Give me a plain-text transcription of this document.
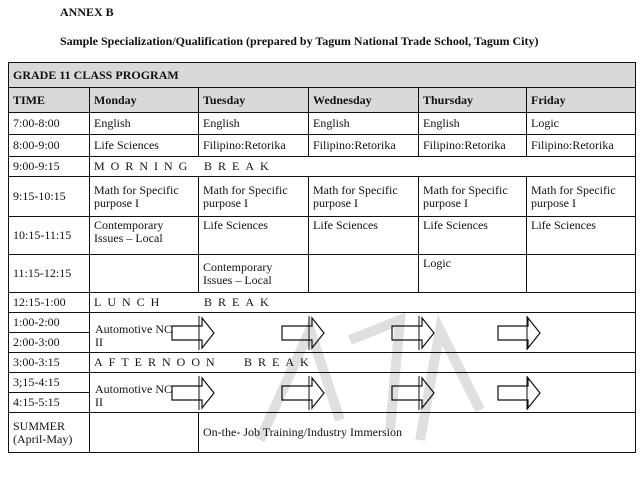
ANNEX B
Sample Specialization/Qualification (prepared by Tagum National Trade School, Tagum City)
GRADE 11 CLASS PROGRAM					
TIME	Monday	Tuesday	Wednesday	Thursday	Friday
7:00-8:00	English	English	English	English	Logic
8:00-9:00	Life Sciences	Filipino:Retorika	Filipino:Retorika	Filipino:Retorika	Filipino:Retorika
9:00-9:15	MORNING BREAK				
9:15-10:15	Math for Specific purpose I	Math for Specific purpose I	Math for Specific purpose I	Math for Specific purpose I	Math for Specific purpose I
10:15-11:15	Contemporary Issues – Local	Life Sciences	Life Sciences	Life Sciences	Life Sciences
11:15-12:15		Contemporary Issues – Local		Logic	
12:15-1:00	LUNCH BREAK				
1:00-2:00	Automotive NC II				

2:00-3:00					
3:00-3:15	AFTERNOON BREAK				
3;15-4:15	Automotive NC II				

4:15-5:15					
SUMMER (April-May)		On-the- Job Training/Industry Immersion			
